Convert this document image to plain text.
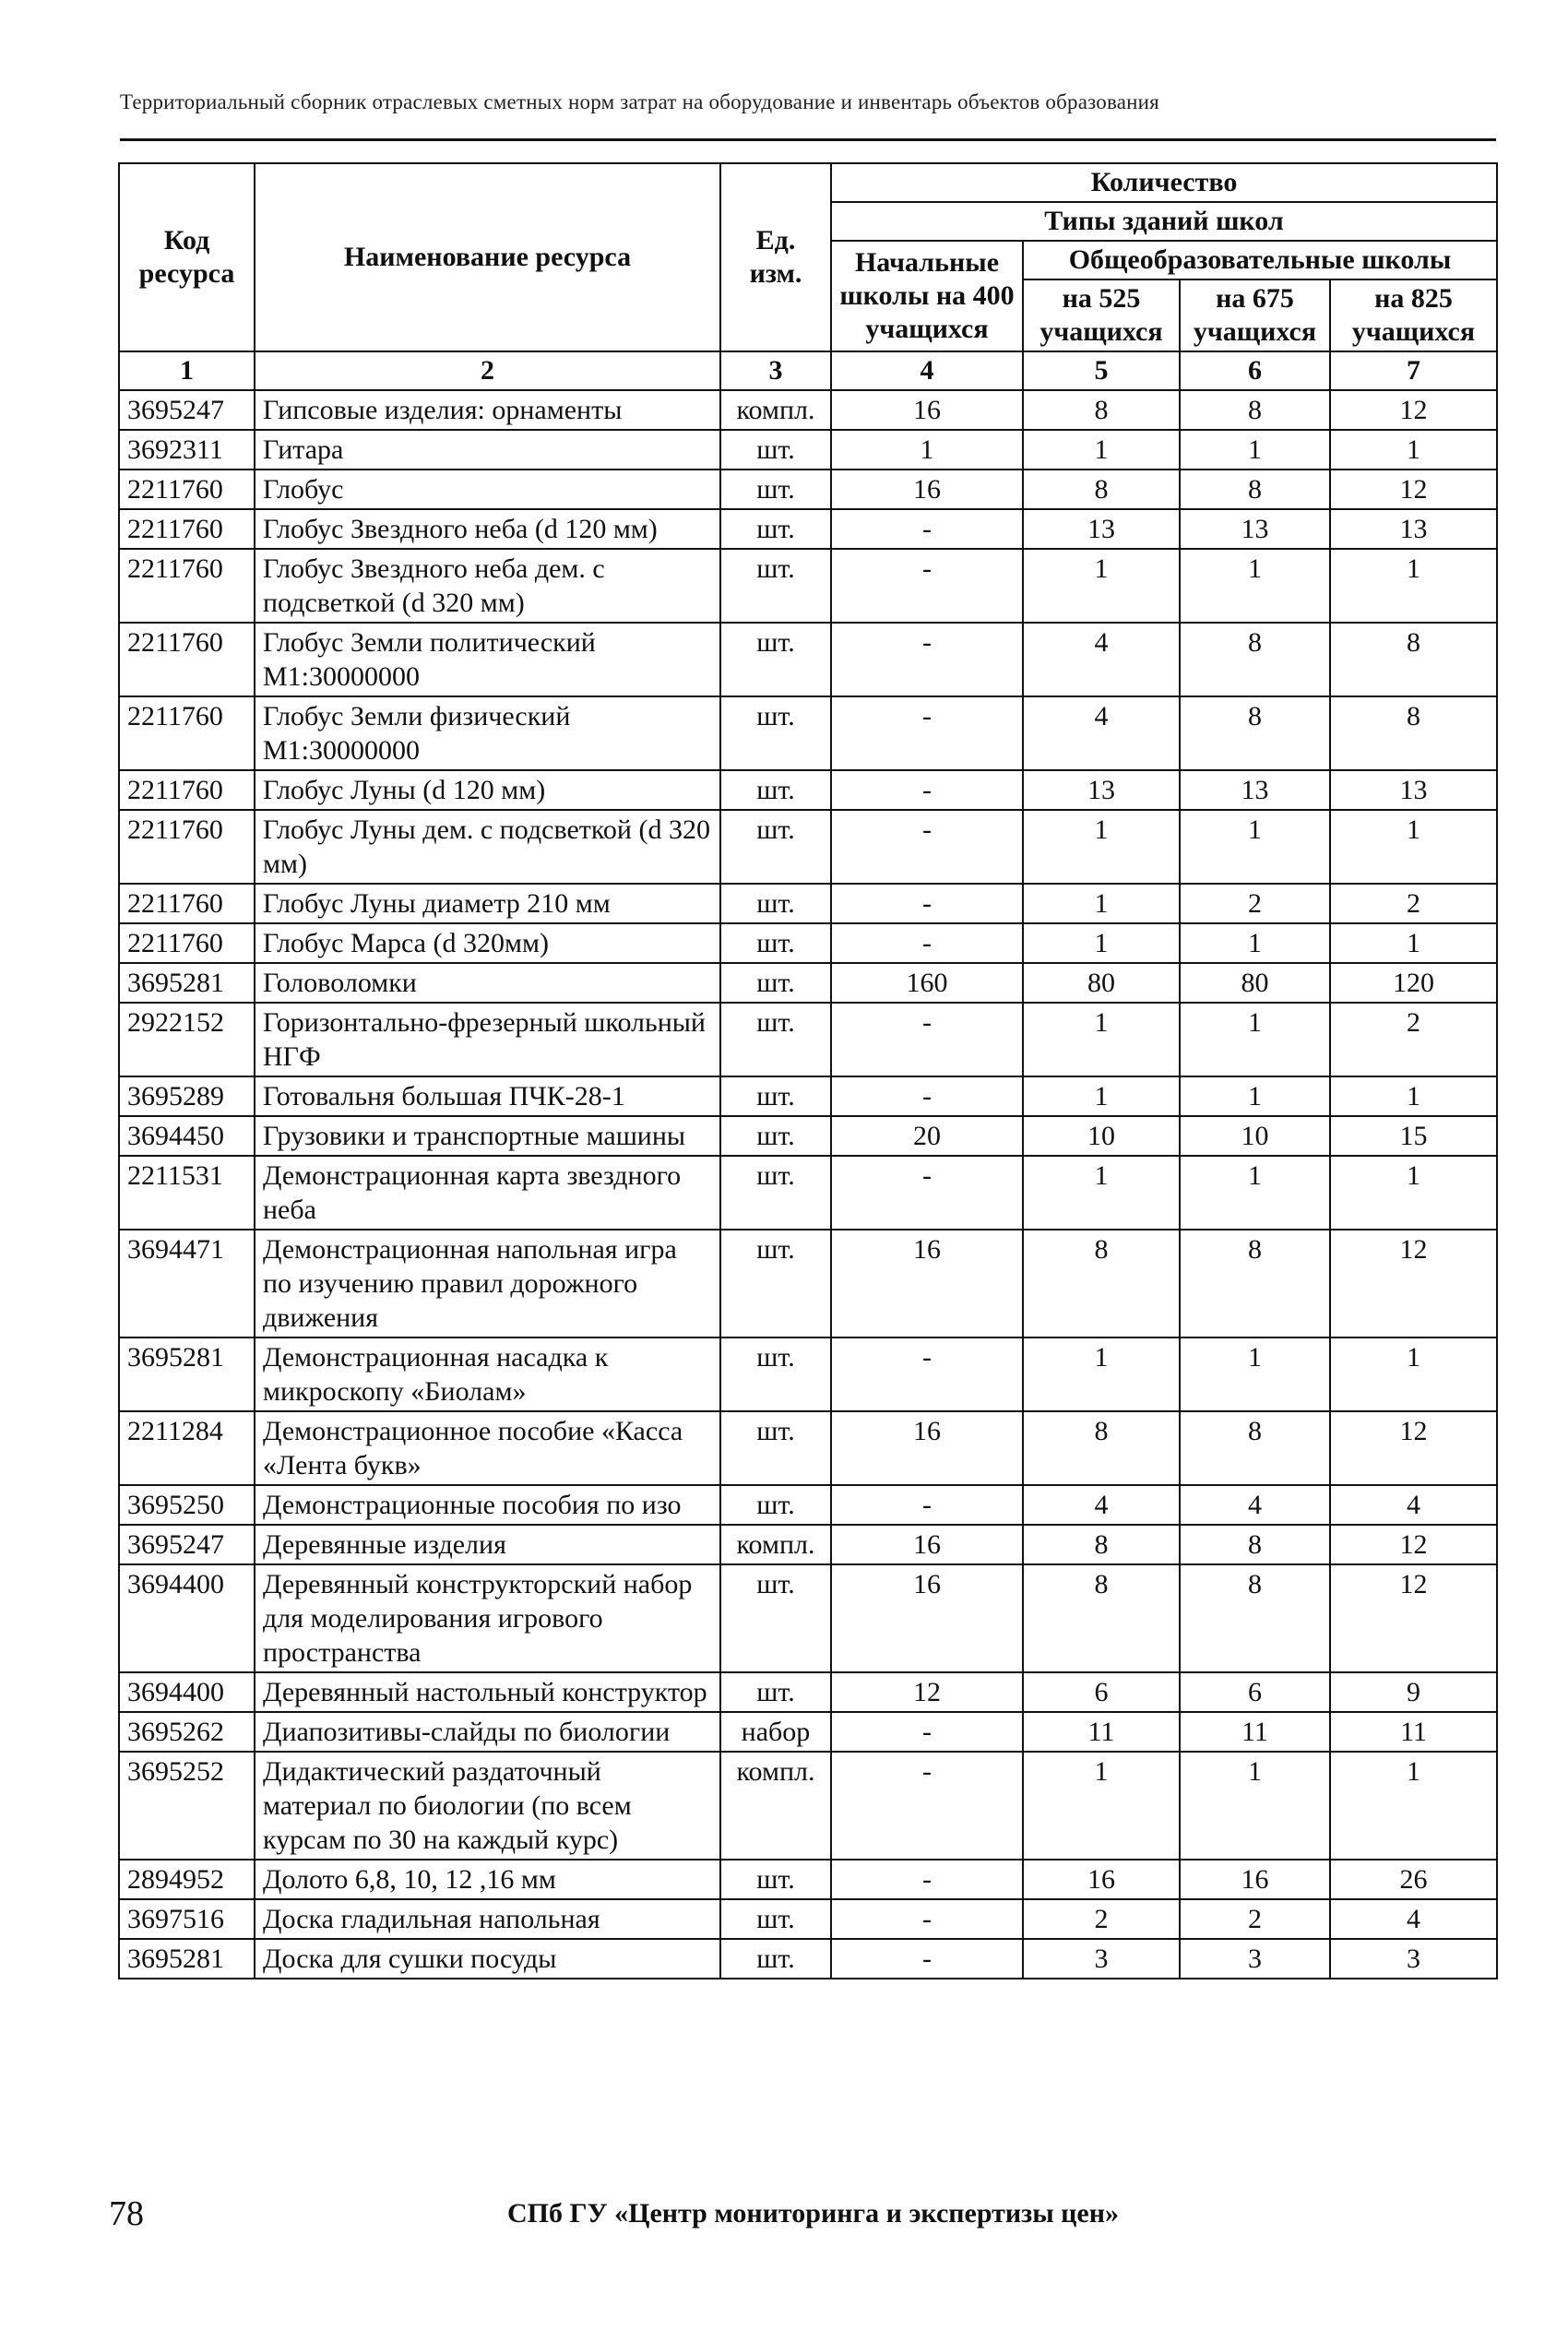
Территориальный сборник отраслевых сметных норм затрат на оборудование и инвентарь объектов образования
Код ресурса	Наименование ресурса	Ед. изм.	Количество			
			Типы зданий школ			
			Начальные школы на 400 учащихся	Общеобразовательные школы		
				на 525 учащихся	на 675 учащихся	на 825 учащихся
1	2	3	4	5	6	7
3695247	Гипсовые изделия: орнаменты	компл.	16	8	8	12
3692311	Гитара	шт.	1	1	1	1
2211760	Глобус	шт.	16	8	8	12
2211760	Глобус Звездного неба (d 120 мм)	шт.	-	13	13	13
2211760	Глобус Звездного неба дем. с подсветкой (d 320 мм)	шт.	-	1	1	1
2211760	Глобус Земли политический М1:30000000	шт.	-	4	8	8
2211760	Глобус Земли физический М1:30000000	шт.	-	4	8	8
2211760	Глобус Луны (d 120 мм)	шт.	-	13	13	13
2211760	Глобус Луны дем. с подсветкой (d 320 мм)	шт.	-	1	1	1
2211760	Глобус Луны диаметр 210 мм	шт.	-	1	2	2
2211760	Глобус Марса (d 320мм)	шт.	-	1	1	1
3695281	Головоломки	шт.	160	80	80	120
2922152	Горизонтально-фрезерный школьный НГФ	шт.	-	1	1	2
3695289	Готовальня большая ПЧК-28-1	шт.	-	1	1	1
3694450	Грузовики и транспортные машины	шт.	20	10	10	15
2211531	Демонстрационная карта звездного неба	шт.	-	1	1	1
3694471	Демонстрационная напольная игра по изучению правил дорожного движения	шт.	16	8	8	12
3695281	Демонстрационная насадка к микроскопу «Биолам»	шт.	-	1	1	1
2211284	Демонстрационное пособие «Касса «Лента букв»	шт.	16	8	8	12
3695250	Демонстрационные пособия по изо	шт.	-	4	4	4
3695247	Деревянные изделия	компл.	16	8	8	12
3694400	Деревянный конструкторский набор для моделирования игрового пространства	шт.	16	8	8	12
3694400	Деревянный настольный конструктор	шт.	12	6	6	9
3695262	Диапозитивы-слайды по биологии	набор	-	11	11	11
3695252	Дидактический раздаточный материал по биологии (по всем курсам по 30 на каждый курс)	компл.	-	1	1	1
2894952	Долото 6,8, 10, 12 ,16 мм	шт.	-	16	16	26
3697516	Доска гладильная напольная	шт.	-	2	2	4
3695281	Доска для сушки посуды	шт.	-	3	3	3
78	СПб ГУ «Центр мониторинга и экспертизы цен»
